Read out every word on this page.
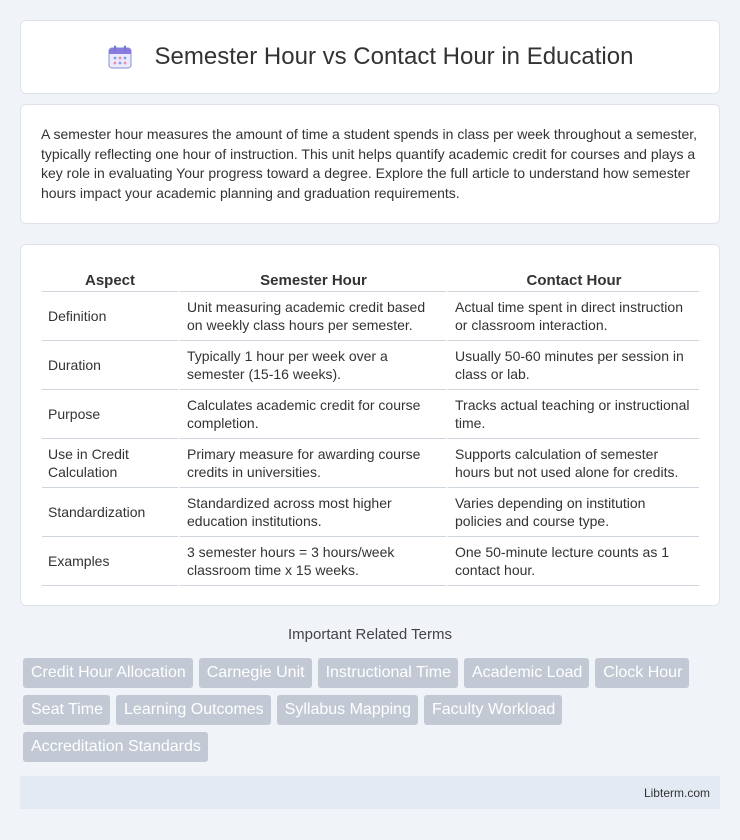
Semester Hour vs Contact Hour in Education

A semester hour measures the amount of time a student spends in class per week throughout a semester, typically reflecting one hour of instruction. This unit helps quantify academic credit for courses and plays a key role in evaluating Your progress toward a degree. Explore the full article to understand how semester hours impact your academic planning and graduation requirements.

Aspect	Semester Hour	Contact Hour
Definition	Unit measuring academic credit based on weekly class hours per semester.	Actual time spent in direct instruction or classroom interaction.
Duration	Typically 1 hour per week over a semester (15-16 weeks).	Usually 50-60 minutes per session in class or lab.
Purpose	Calculates academic credit for course completion.	Tracks actual teaching or instructional time.
Use in Credit Calculation	Primary measure for awarding course credits in universities.	Supports calculation of semester hours but not used alone for credits.
Standardization	Standardized across most higher education institutions.	Varies depending on institution policies and course type.
Examples	3 semester hours = 3 hours/week classroom time x 15 weeks.	One 50-minute lecture counts as 1 contact hour.
Important Related Terms
Credit Hour Allocation	Carnegie Unit	Instructional Time	Academic Load	Clock Hour
Seat Time	Learning Outcomes	Syllabus Mapping	Faculty Workload
Accreditation Standards
Libterm.com
